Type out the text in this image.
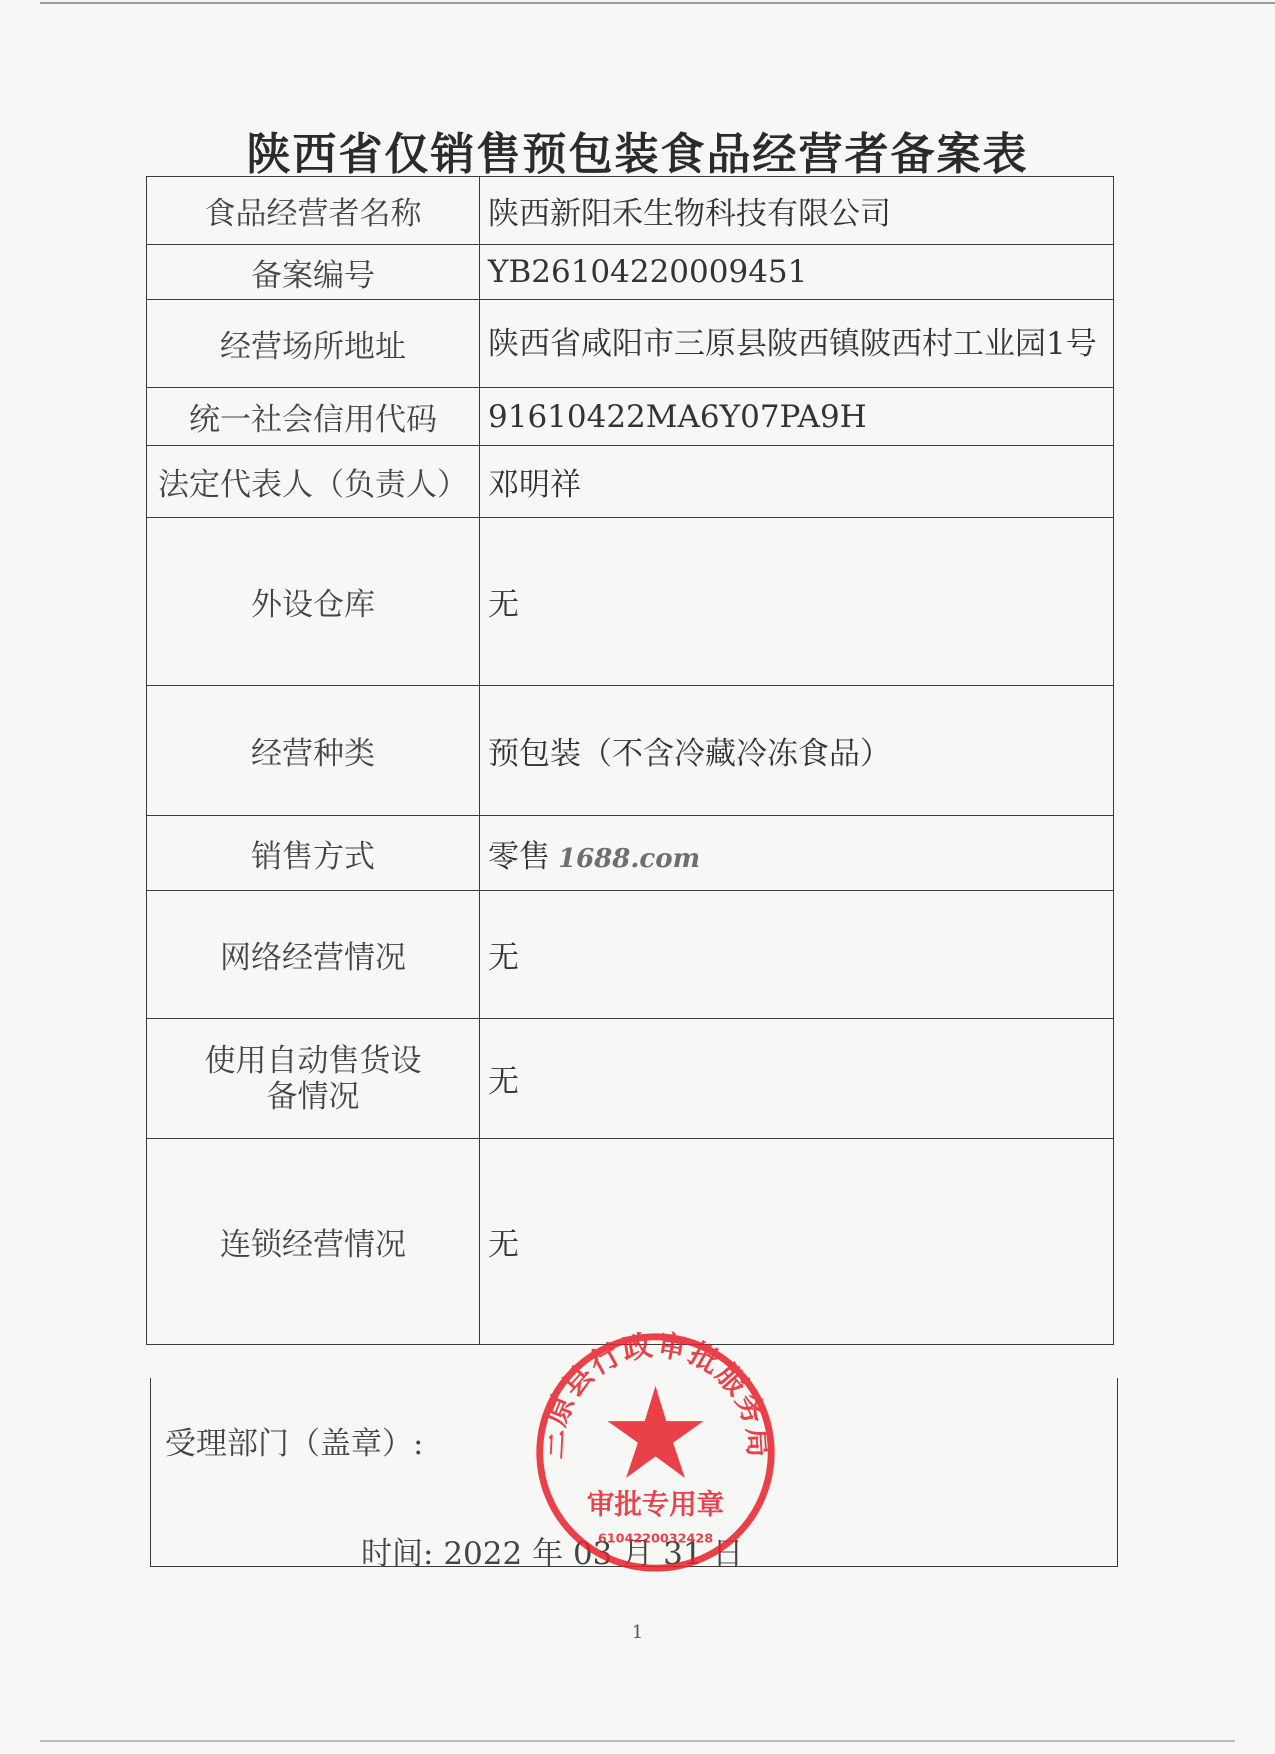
陕西省仅销售预包装食品经营者备案表
食品经营者名称	陕西新阳禾生物科技有限公司
备案编号	YB26104220009451
经营场所地址	陕西省咸阳市三原县陂西镇陂西村工业园1号
统一社会信用代码	91610422MA6Y07PA9H
法定代表人（负责人）	邓明祥
外设仓库	无
经营种类	预包装（不含冷藏冷冻食品）
销售方式	零售 1688.com
网络经营情况	无

使用自动售货设备情况	无
连锁经营情况	无
受理部门（盖章）:
时间: 2022 年 03 月 31 日
三原县行政审批服务局
审批专用章
6104220032428
1
